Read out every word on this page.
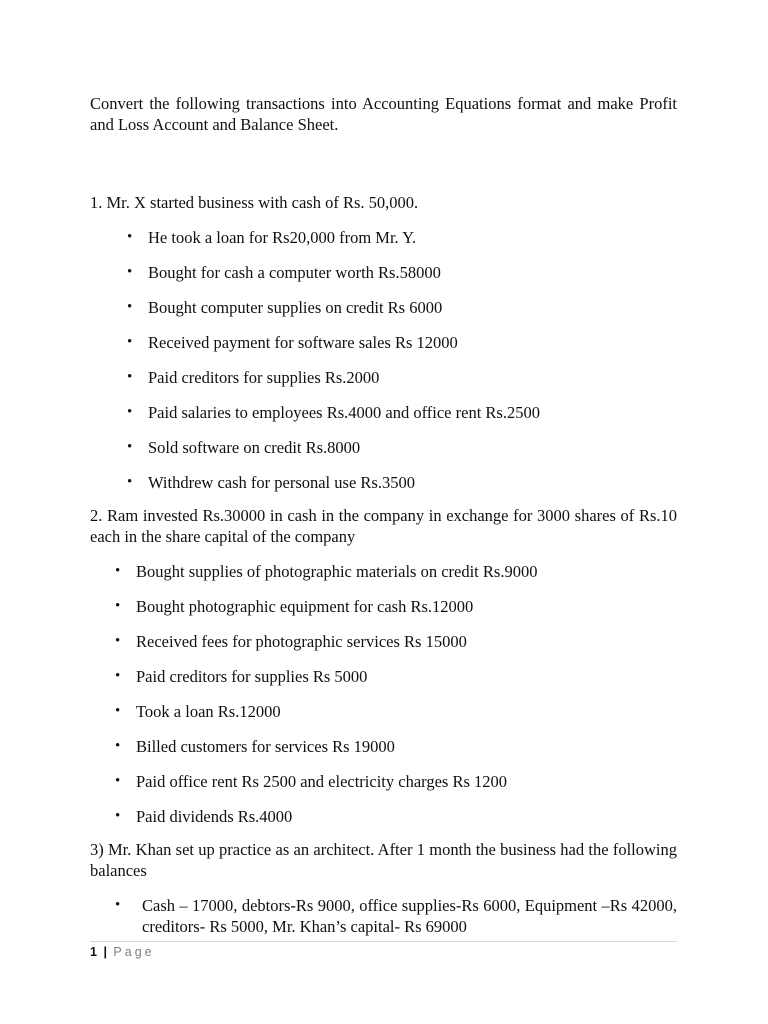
Convert the following transactions into Accounting Equations format and make Profit and Loss Account and Balance Sheet.

1. Mr. X started business with cash of Rs. 50,000.

• He took a loan for Rs20,000 from Mr. Y.
• Bought for cash a computer worth Rs.58000
• Bought computer supplies on credit Rs 6000
• Received payment for software sales Rs 12000
• Paid creditors for supplies Rs.2000
• Paid salaries to employees Rs.4000 and office rent Rs.2500
• Sold software on credit Rs.8000
• Withdrew cash for personal use Rs.3500

2. Ram invested Rs.30000 in cash in the company in exchange for 3000 shares of Rs.10 each in the share capital of the company

• Bought supplies of photographic materials on credit Rs.9000
• Bought photographic equipment for cash Rs.12000
• Received fees for photographic services Rs 15000
• Paid creditors for supplies Rs 5000
• Took a loan Rs.12000
• Billed customers for services Rs 19000
• Paid office rent Rs 2500 and electricity charges Rs 1200
• Paid dividends Rs.4000

3) Mr. Khan set up practice as an architect. After 1 month the business had the following balances

• Cash – 17000, debtors-Rs 9000, office supplies-Rs 6000, Equipment –Rs 42000, creditors- Rs 5000, Mr. Khan’s capital- Rs 69000
1 | Page
